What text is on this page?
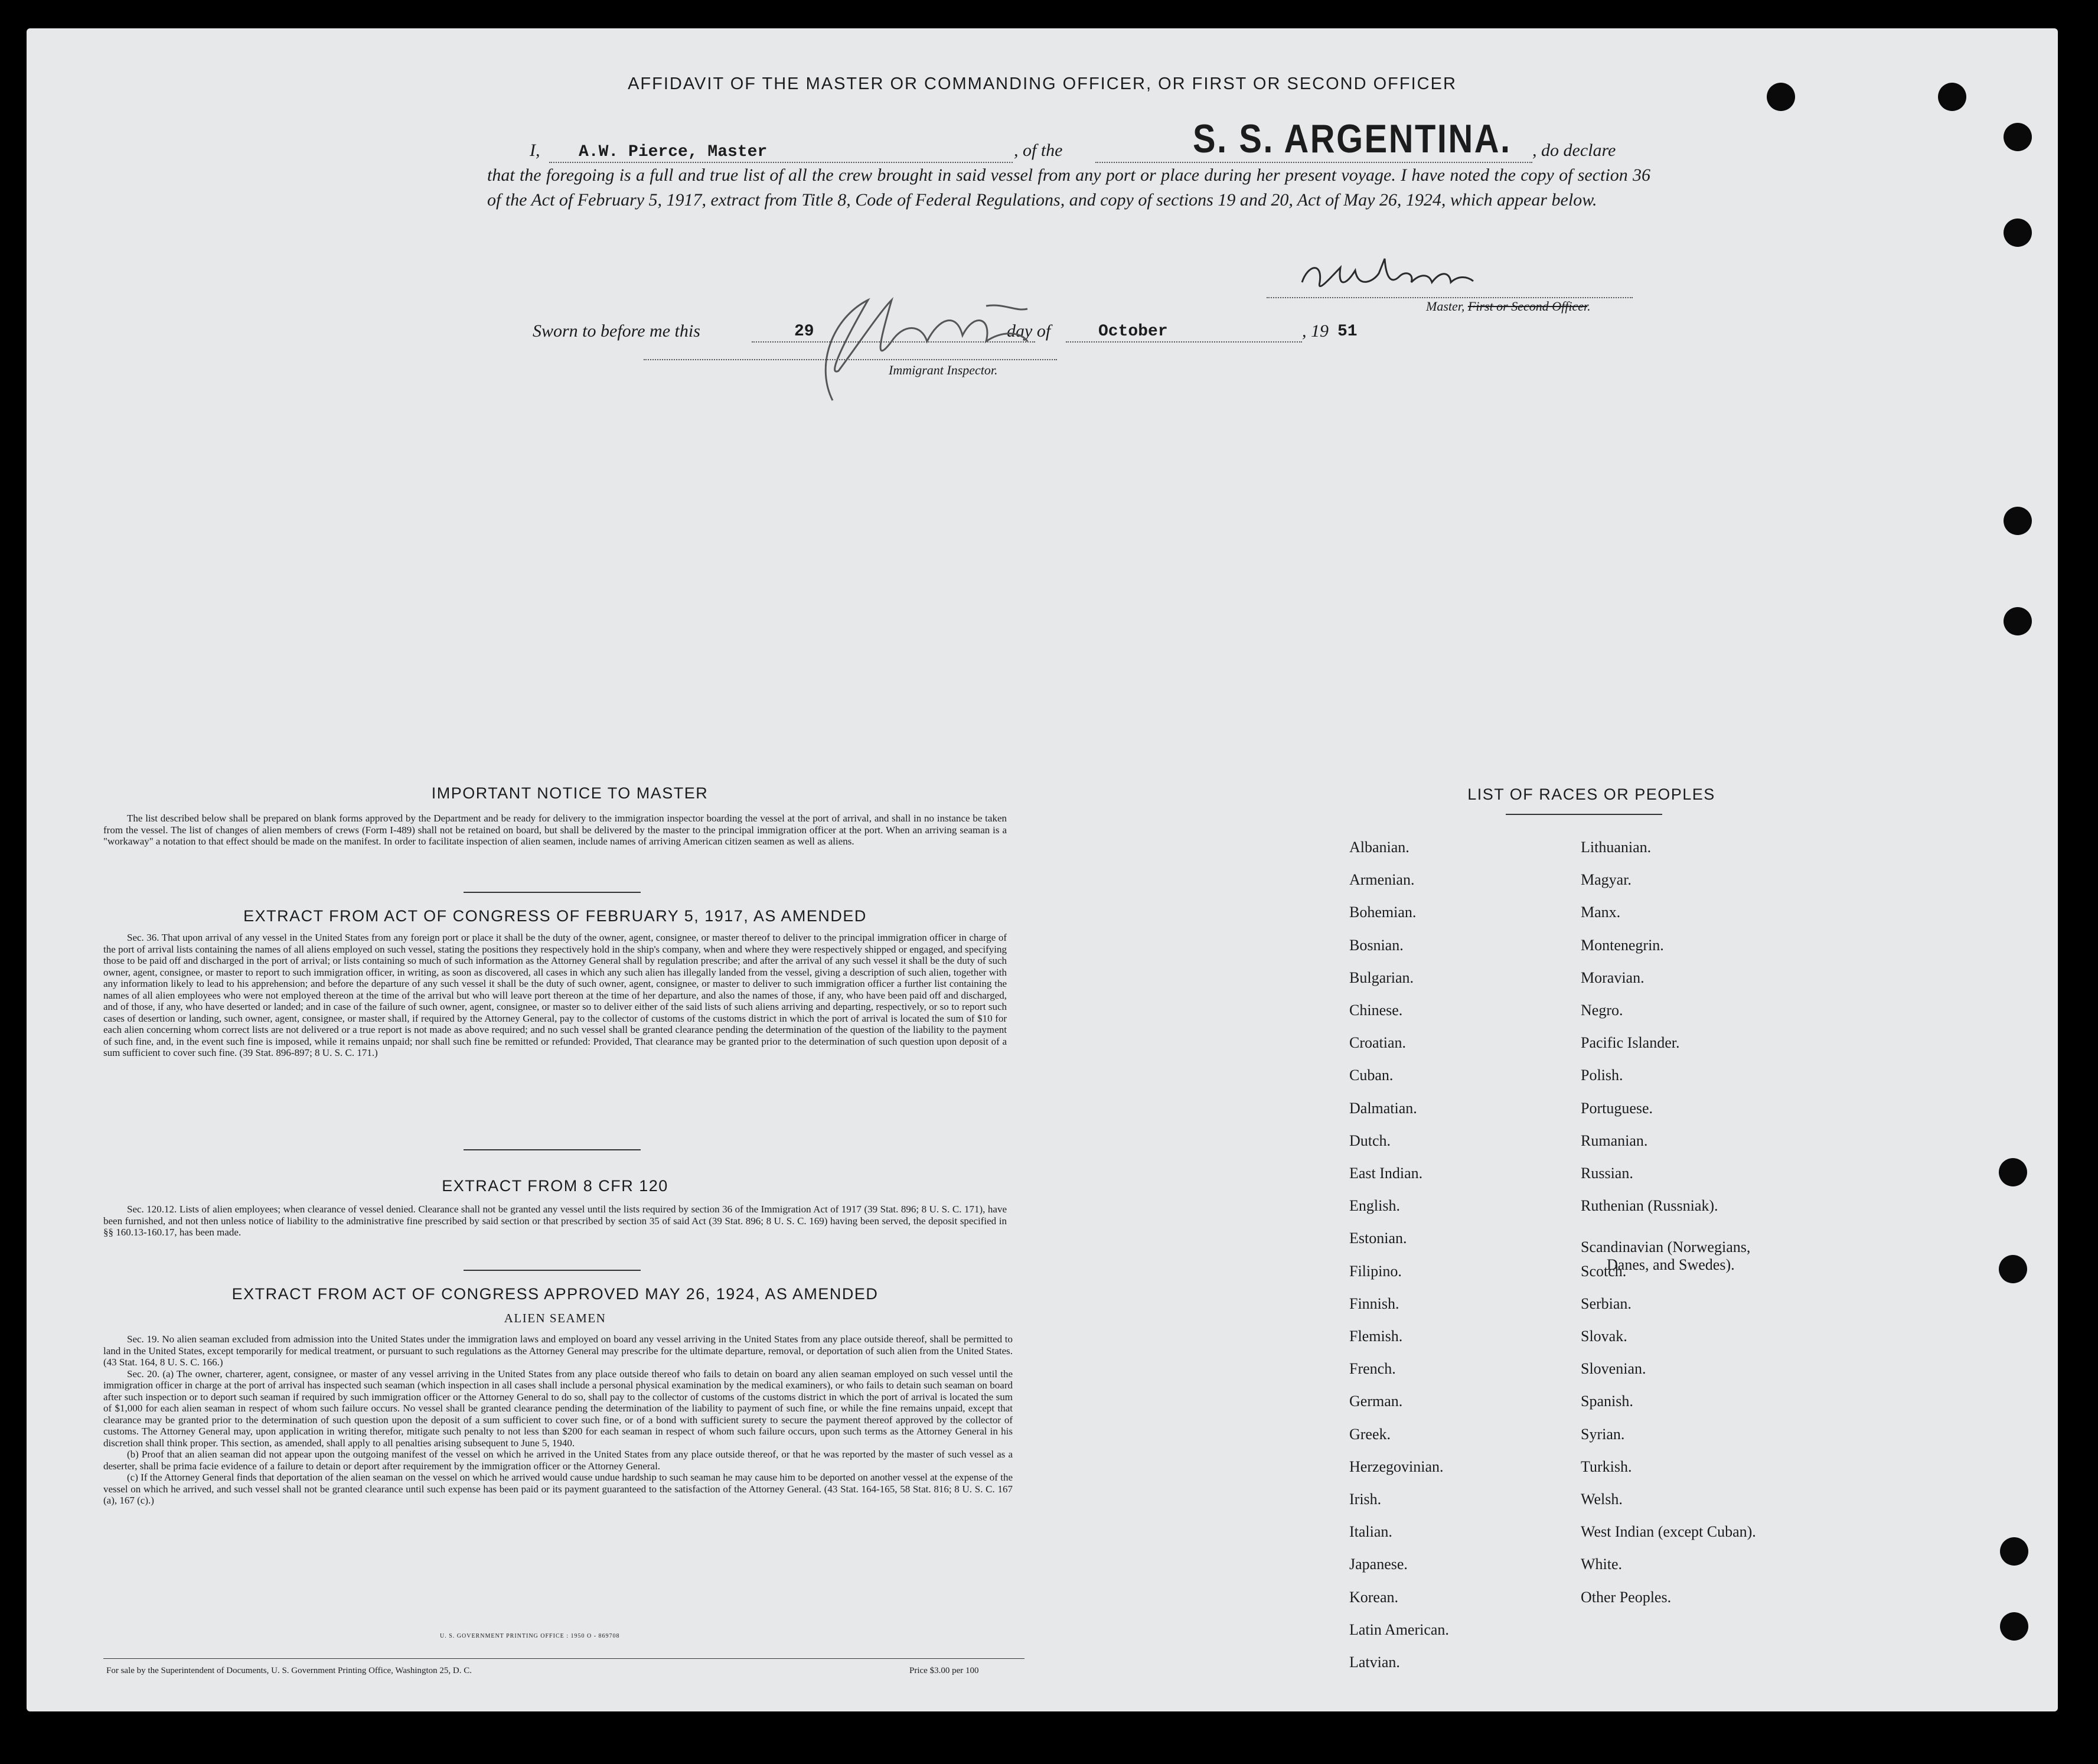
AFFIDAVIT OF THE MASTER OR COMMANDING OFFICER, OR FIRST OR SECOND OFFICER
I, A.W. Pierce, Master	, of the	S. S. ARGENTINA. , do declare
that the foregoing is a full and true list of all the crew brought in said vessel from any port or place during her present voyage. I have noted the copy of section 36 of the Act of February 5, 1917, extract from Title 8, Code of Federal Regulations, and copy of sections 19 and 20, Act of May 26, 1924, which appear below.
Master, First or Second Officer.
Sworn to before me this	29	day of	October	, 19 51
Immigrant Inspector.
IMPORTANT NOTICE TO MASTER

The list described below shall be prepared on blank forms approved by the Department and be ready for delivery to the immigration inspector boarding the vessel at the port of arrival, and shall in no instance be taken from the vessel. The list of changes of alien members of crews (Form I-489) shall not be retained on board, but shall be delivered by the master to the principal immigration officer at the port. When an arriving seaman is a "workaway" a notation to that effect should be made on the manifest. In order to facilitate inspection of alien seamen, include names of arriving American citizen seamen as well as aliens.

EXTRACT FROM ACT OF CONGRESS OF FEBRUARY 5, 1917, AS AMENDED

Sec. 36. That upon arrival of any vessel in the United States from any foreign port or place it shall be the duty of the owner, agent, consignee, or master thereof to deliver to the principal immigration officer in charge of the port of arrival lists containing the names of all aliens employed on such vessel, stating the positions they respectively hold in the ship's company, when and where they were respectively shipped or engaged, and specifying those to be paid off and discharged in the port of arrival; or lists containing so much of such information as the Attorney General shall by regulation prescribe; and after the arrival of any such vessel it shall be the duty of such owner, agent, consignee, or master to report to such immigration officer, in writing, as soon as discovered, all cases in which any such alien has illegally landed from the vessel, giving a description of such alien, together with any information likely to lead to his apprehension; and before the departure of any such vessel it shall be the duty of such owner, agent, consignee, or master to deliver to such immigration officer a further list containing the names of all alien employees who were not employed thereon at the time of the arrival but who will leave port thereon at the time of her departure, and also the names of those, if any, who have been paid off and discharged, and of those, if any, who have deserted or landed; and in case of the failure of such owner, agent, consignee, or master so to deliver either of the said lists of such aliens arriving and departing, respectively, or so to report such cases of desertion or landing, such owner, agent, consignee, or master shall, if required by the Attorney General, pay to the collector of customs of the customs district in which the port of arrival is located the sum of $10 for each alien concerning whom correct lists are not delivered or a true report is not made as above required; and no such vessel shall be granted clearance pending the determination of the question of the liability to the payment of such fine, and, in the event such fine is imposed, while it remains unpaid; nor shall such fine be remitted or refunded: Provided, That clearance may be granted prior to the determination of such question upon deposit of a sum sufficient to cover such fine. (39 Stat. 896-897; 8 U. S. C. 171.)

EXTRACT FROM 8 CFR 120

Sec. 120.12. Lists of alien employees; when clearance of vessel denied. Clearance shall not be granted any vessel until the lists required by section 36 of the Immigration Act of 1917 (39 Stat. 896; 8 U. S. C. 171), have been furnished, and not then unless notice of liability to the administrative fine prescribed by said section or that prescribed by section 35 of said Act (39 Stat. 896; 8 U. S. C. 169) having been served, the deposit specified in §§ 160.13-160.17, has been made.

EXTRACT FROM ACT OF CONGRESS APPROVED MAY 26, 1924, AS AMENDED
ALIEN SEAMEN

Sec. 19. No alien seaman excluded from admission into the United States under the immigration laws and employed on board any vessel arriving in the United States from any place outside thereof, shall be permitted to land in the United States, except temporarily for medical treatment, or pursuant to such regulations as the Attorney General may prescribe for the ultimate departure, removal, or deportation of such alien from the United States. (43 Stat. 164, 8 U. S. C. 166.)

Sec. 20. (a) The owner, charterer, agent, consignee, or master of any vessel arriving in the United States from any place outside thereof who fails to detain on board any alien seaman employed on such vessel until the immigration officer in charge at the port of arrival has inspected such seaman (which inspection in all cases shall include a personal physical examination by the medical examiners), or who fails to detain such seaman on board after such inspection or to deport such seaman if required by such immigration officer or the Attorney General to do so, shall pay to the collector of customs of the customs district in which the port of arrival is located the sum of $1,000 for each alien seaman in respect of whom such failure occurs. No vessel shall be granted clearance pending the determination of the liability to payment of such fine, or while the fine remains unpaid, except that clearance may be granted prior to the determination of such question upon the deposit of a sum sufficient to cover such fine, or of a bond with sufficient surety to secure the payment thereof approved by the collector of customs. The Attorney General may, upon application in writing therefor, mitigate such penalty to not less than $200 for each seaman in respect of whom such failure occurs, upon such terms as the Attorney General in his discretion shall think proper. This section, as amended, shall apply to all penalties arising subsequent to June 5, 1940.

(b) Proof that an alien seaman did not appear upon the outgoing manifest of the vessel on which he arrived in the United States from any place outside thereof, or that he was reported by the master of such vessel as a deserter, shall be prima facie evidence of a failure to detain or deport after requirement by the immigration officer or the Attorney General.

(c) If the Attorney General finds that deportation of the alien seaman on the vessel on which he arrived would cause undue hardship to such seaman he may cause him to be deported on another vessel at the expense of the vessel on which he arrived, and such vessel shall not be granted clearance until such expense has been paid or its payment guaranteed to the satisfaction of the Attorney General. (43 Stat. 164-165, 58 Stat. 816; 8 U. S. C. 167 (a), 167 (c).)

U. S. GOVERNMENT PRINTING OFFICE : 1950 O - 869708
For sale by the Superintendent of Documents, U. S. Government Printing Office, Washington 25, D. C.	Price $3.00 per 100
LIST OF RACES OR PEOPLES
Albanian.
Armenian.
Bohemian.
Bosnian.
Bulgarian.
Chinese.
Croatian.
Cuban.
Dalmatian.
Dutch.
East Indian.
English.
Estonian.
Filipino.
Finnish.
Flemish.
French.
German.
Greek.
Herzegovinian.
Irish.
Italian.
Japanese.
Korean.
Latin American.
Latvian.
Lithuanian.
Magyar.
Manx.
Montenegrin.
Moravian.
Negro.
Pacific Islander.
Polish.
Portuguese.
Rumanian.
Russian.
Ruthenian (Russniak).
Scandinavian (Norwegians,
Danes, and Swedes).
Scotch.
Serbian.
Slovak.
Slovenian.
Spanish.
Syrian.
Turkish.
Welsh.
West Indian (except Cuban).
White.
Other Peoples.
